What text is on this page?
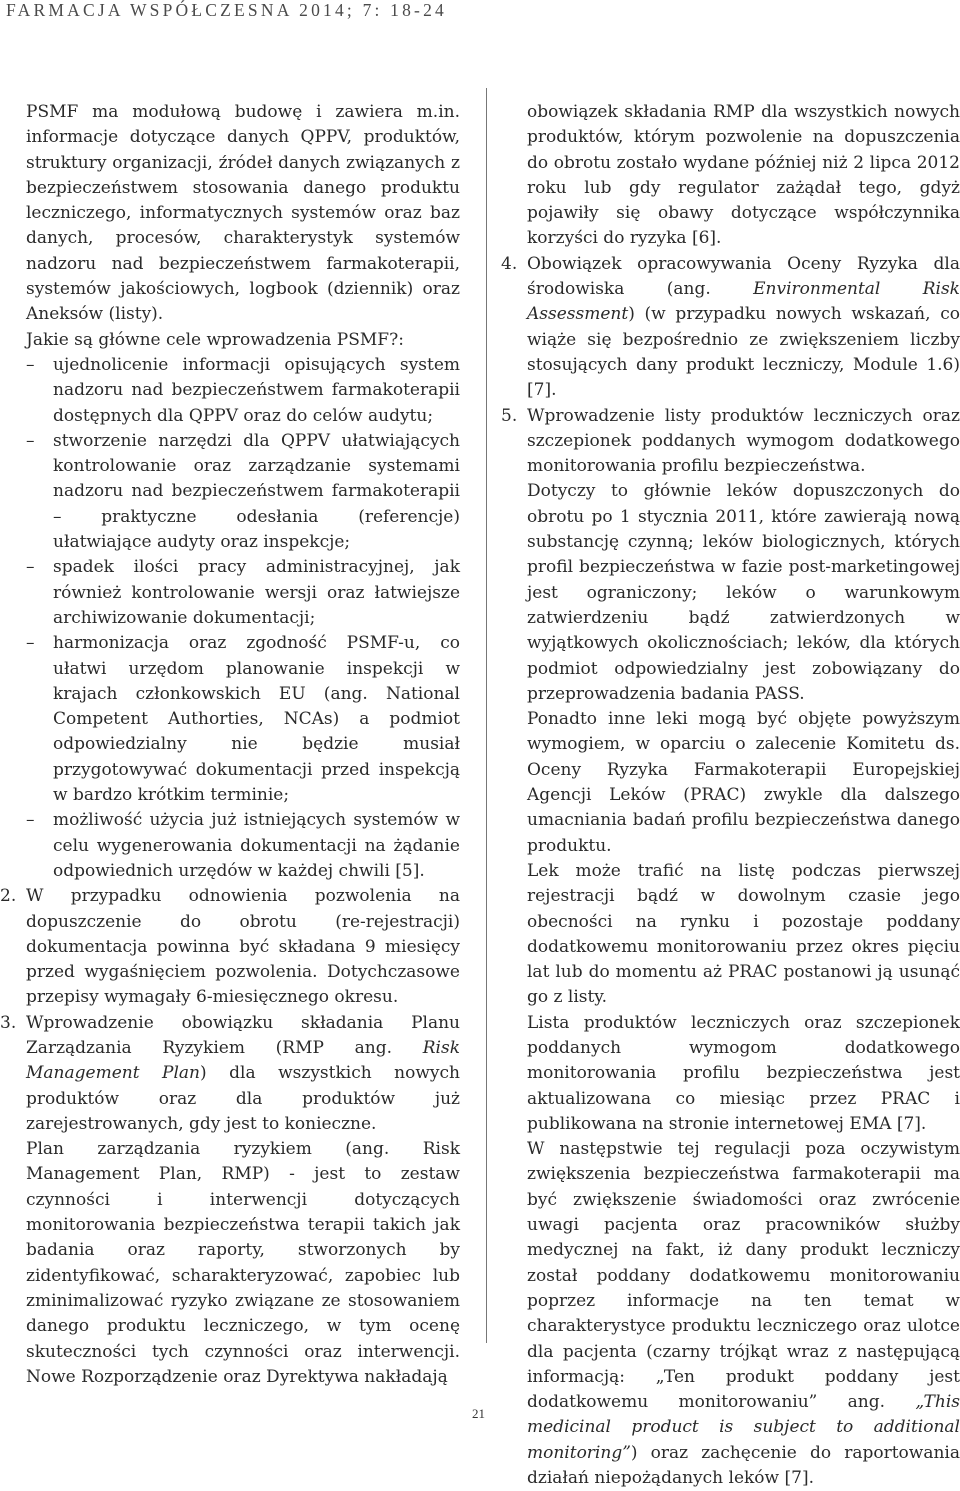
FARMACJA WSPÓŁCZESNA 2014; 7: 18-24

PSMF ma modułową budowę i zawiera m.in. informacje dotyczące danych QPPV, produktów, struktury organizacji, źródeł danych związanych z bezpieczeństwem stosowania danego produktu leczniczego, informatycznych systemów oraz baz danych, procesów, charakterystyk systemów nadzoru nad bezpieczeństwem farmakoterapii, systemów jakościowych, logbook (dziennik) oraz Aneksów (listy).

Jakie są główne cele wprowadzenia PSMF?:

– ujednolicenie informacji opisujących system nadzoru nad bezpieczeństwem farmakoterapii dostępnych dla QPPV oraz do celów audytu;

– stworzenie narzędzi dla QPPV ułatwiających kontrolowanie oraz zarządzanie systemami nadzoru nad bezpieczeństwem farmakoterapii – praktyczne odesłania (referencje) ułatwiające audyty oraz inspekcje;

– spadek ilości pracy administracyjnej, jak również kontrolowanie wersji oraz łatwiejsze archiwizowanie dokumentacji;

– harmonizacja oraz zgodność PSMF-u, co ułatwi urzędom planowanie inspekcji w krajach członkowskich EU (ang. National Competent Authorties, NCAs) a podmiot odpowiedzialny nie będzie musiał przygotowywać dokumentacji przed inspekcją w bardzo krótkim terminie;

– możliwość użycia już istniejących systemów w celu wygenerowania dokumentacji na żądanie odpowiednich urzędów w każdej chwili [5].

2. W przypadku odnowienia pozwolenia na dopuszczenie do obrotu (re-rejestracji) dokumentacja powinna być składana 9 miesięcy przed wygaśnięciem pozwolenia. Dotychczasowe przepisy wymagały 6-miesięcznego okresu.

3. Wprowadzenie obowiązku składania Planu Zarządzania Ryzykiem (RMP ang. Risk Management Plan) dla wszystkich nowych produktów oraz dla produktów już zarejestrowanych, gdy jest to konieczne.

Plan zarządzania ryzykiem (ang. Risk Management Plan, RMP) - jest to zestaw czynności i interwencji dotyczących monitorowania bezpieczeństwa terapii takich jak badania oraz raporty, stworzonych by zidentyfikować, scharakteryzować, zapobiec lub zminimalizować ryzyko związane ze stosowaniem danego produktu leczniczego, w tym ocenę skuteczności tych czynności oraz interwencji. Nowe Rozporządzenie oraz Dyrektywa nakładają

obowiązek składania RMP dla wszystkich nowych produktów, którym pozwolenie na dopuszczenia do obrotu zostało wydane później niż 2 lipca 2012 roku lub gdy regulator zażądał tego, gdyż pojawiły się obawy dotyczące współczynnika korzyści do ryzyka [6].

4. Obowiązek opracowywania Oceny Ryzyka dla środowiska (ang. Environmental Risk Assessment) (w przypadku nowych wskazań, co wiąże się bezpośrednio ze zwiększeniem liczby stosujących dany produkt leczniczy, Module 1.6) [7].

5. Wprowadzenie listy produktów leczniczych oraz szczepionek poddanych wymogom dodatkowego monitorowania profilu bezpieczeństwa.

Dotyczy to głównie leków dopuszczonych do obrotu po 1 stycznia 2011, które zawierają nową substancję czynną; leków biologicznych, których profil bezpieczeństwa w fazie post-marketingowej jest ograniczony; leków o warunkowym zatwierdzeniu bądź zatwierdzonych w wyjątkowych okolicznościach; leków, dla których podmiot odpowiedzialny jest zobowiązany do przeprowadzenia badania PASS.

Ponadto inne leki mogą być objęte powyższym wymogiem, w oparciu o zalecenie Komitetu ds. Oceny Ryzyka Farmakoterapii Europejskiej Agencji Leków (PRAC) zwykle dla dalszego umacniania badań profilu bezpieczeństwa danego produktu.

Lek może trafić na listę podczas pierwszej rejestracji bądź w dowolnym czasie jego obecności na rynku i pozostaje poddany dodatkowemu monitorowaniu przez okres pięciu lat lub do momentu aż PRAC postanowi ją usunąć go z listy.

Lista produktów leczniczych oraz szczepionek poddanych wymogom dodatkowego monitorowania profilu bezpieczeństwa jest aktualizowana co miesiąc przez PRAC i publikowana na stronie internetowej EMA [7].

W następstwie tej regulacji poza oczywistym zwiększenia bezpieczeństwa farmakoterapii ma być zwiększenie świadomości oraz zwrócenie uwagi pacjenta oraz pracowników służby medycznej na fakt, iż dany produkt leczniczy został poddany dodatkowemu monitorowaniu poprzez informacje na ten temat w charakterystyce produktu leczniczego oraz ulotce dla pacjenta (czarny trójkąt wraz z następującą informacją: „Ten produkt poddany jest dodatkowemu monitorowaniu” ang. „This medicinal product is subject to additional monitoring”) oraz zachęcenie do raportowania działań niepożądanych leków [7].

21
